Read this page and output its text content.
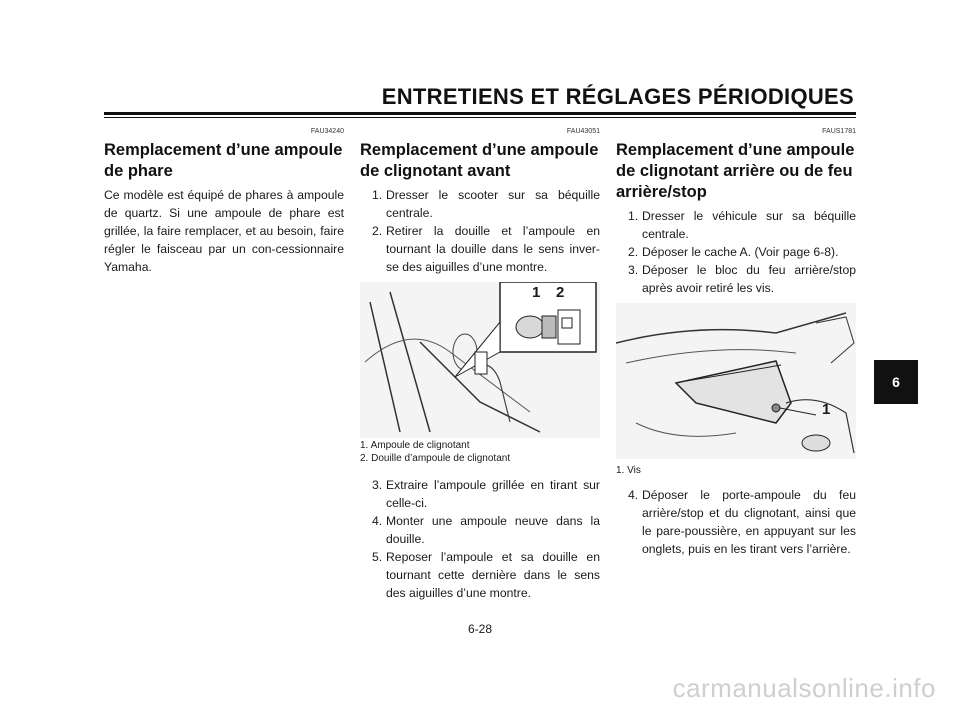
ENTRETIENS ET RÉGLAGES PÉRIODIQUES
FAU34240
Remplacement d’une ampoule de phare

Ce modèle est équipé de phares à ampoule de quartz. Si une ampoule de phare est grillée, la faire remplacer, et au besoin, faire régler le faisceau par un con-cessionnaire Yamaha.

FAU43051
Remplacement d’une ampoule de clignotant avant
1. Dresser le scooter sur sa béquille centrale.
2. Retirer la douille et l’ampoule en tournant la douille dans le sens inver-se des aiguilles d’une montre.
1 2
1. Ampoule de clignotant
2. Douille d’ampoule de clignotant
3. Extraire l’ampoule grillée en tirant sur celle-ci.
4. Monter une ampoule neuve dans la douille.
5. Reposer l’ampoule et sa douille en tournant cette dernière dans le sens des aiguilles d’une montre.
FAUS1781
Remplacement d’une ampoule de clignotant arrière ou de feu arrière/stop
1. Dresser le véhicule sur sa béquille centrale.
2. Déposer le cache A. (Voir page 6-8).
3. Déposer le bloc du feu arrière/stop après avoir retiré les vis.
1
1. Vis
4. Déposer le porte-ampoule du feu arrière/stop et du clignotant, ainsi que le pare-poussière, en appuyant sur les onglets, puis en les tirant vers l’arrière.
6
6-28
carmanualsonline.info
